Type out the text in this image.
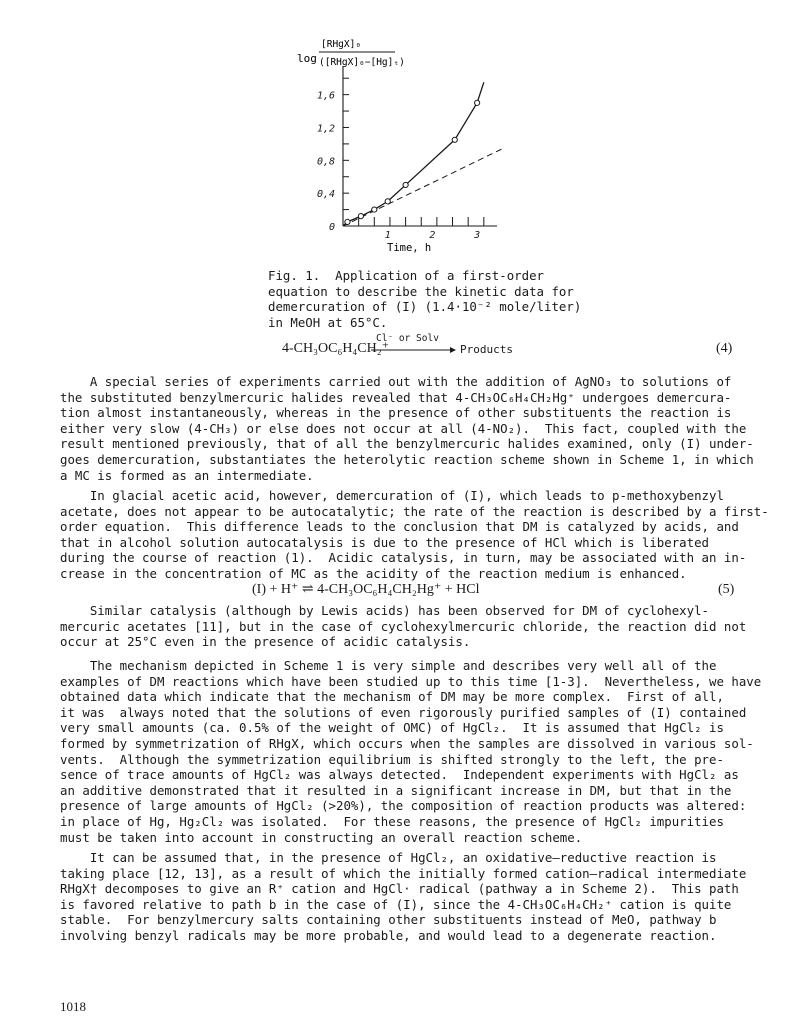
log
[RHgX]₀
([RHgX]₀−[Hg]ₜ)
0
0,4
0,8
1,2
1,6
1	2	3
Time, h
Fig. 1.  Application of a first-order
equation to describe the kinetic data for
demercuration of (I) (1.4·10⁻² mole/liter)
in MeOH at 65°C.
4-CH₃OC₆H₄CH₂⁺
Cl⁻ or Solv
Products	(4)
A special series of experiments carried out with the addition of AgNO₃ to solutions of
the substituted benzylmercuric halides revealed that 4-CH₃OC₆H₄CH₂Hg⁺ undergoes demercura-
tion almost instantaneously, whereas in the presence of other substituents the reaction is
either very slow (4-CH₃) or else does not occur at all (4-NO₂).  This fact, coupled with the
result mentioned previously, that of all the benzylmercuric halides examined, only (I) under-
goes demercuration, substantiates the heterolytic reaction scheme shown in Scheme 1, in which
a MC is formed as an intermediate.
In glacial acetic acid, however, demercuration of (I), which leads to p-methoxybenzyl
acetate, does not appear to be autocatalytic; the rate of the reaction is described by a first-
order equation.  This difference leads to the conclusion that DM is catalyzed by acids, and
that in alcohol solution autocatalysis is due to the presence of HCl which is liberated
during the course of reaction (1).  Acidic catalysis, in turn, may be associated with an in-
crease in the concentration of MC as the acidity of the reaction medium is enhanced.
(I) + H⁺ ⇌ 4-CH₃OC₆H₄CH₂Hg⁺ + HCl	(5)
Similar catalysis (although by Lewis acids) has been observed for DM of cyclohexyl-
mercuric acetates [11], but in the case of cyclohexylmercuric chloride, the reaction did not
occur at 25°C even in the presence of acidic catalysis.
The mechanism depicted in Scheme 1 is very simple and describes very well all of the
examples of DM reactions which have been studied up to this time [1-3].  Nevertheless, we have
obtained data which indicate that the mechanism of DM may be more complex.  First of all,
it was  always noted that the solutions of even rigorously purified samples of (I) contained
very small amounts (ca. 0.5% of the weight of OMC) of HgCl₂.  It is assumed that HgCl₂ is
formed by symmetrization of RHgX, which occurs when the samples are dissolved in various sol-
vents.  Although the symmetrization equilibrium is shifted strongly to the left, the pre-
sence of trace amounts of HgCl₂ was always detected.  Independent experiments with HgCl₂ as
an additive demonstrated that it resulted in a significant increase in DM, but that in the
presence of large amounts of HgCl₂ (>20%), the composition of reaction products was altered:
in place of Hg, Hg₂Cl₂ was isolated.  For these reasons, the presence of HgCl₂ impurities
must be taken into account in constructing an overall reaction scheme.
It can be assumed that, in the presence of HgCl₂, an oxidative–reductive reaction is
taking place [12, 13], as a result of which the initially formed cation–radical intermediate
RHgX† decomposes to give an R⁺ cation and HgCl· radical (pathway a in Scheme 2).  This path
is favored relative to path b in the case of (I), since the 4-CH₃OC₆H₄CH₂⁺ cation is quite
stable.  For benzylmercury salts containing other substituents instead of MeO, pathway b
involving benzyl radicals may be more probable, and would lead to a degenerate reaction.
1018
